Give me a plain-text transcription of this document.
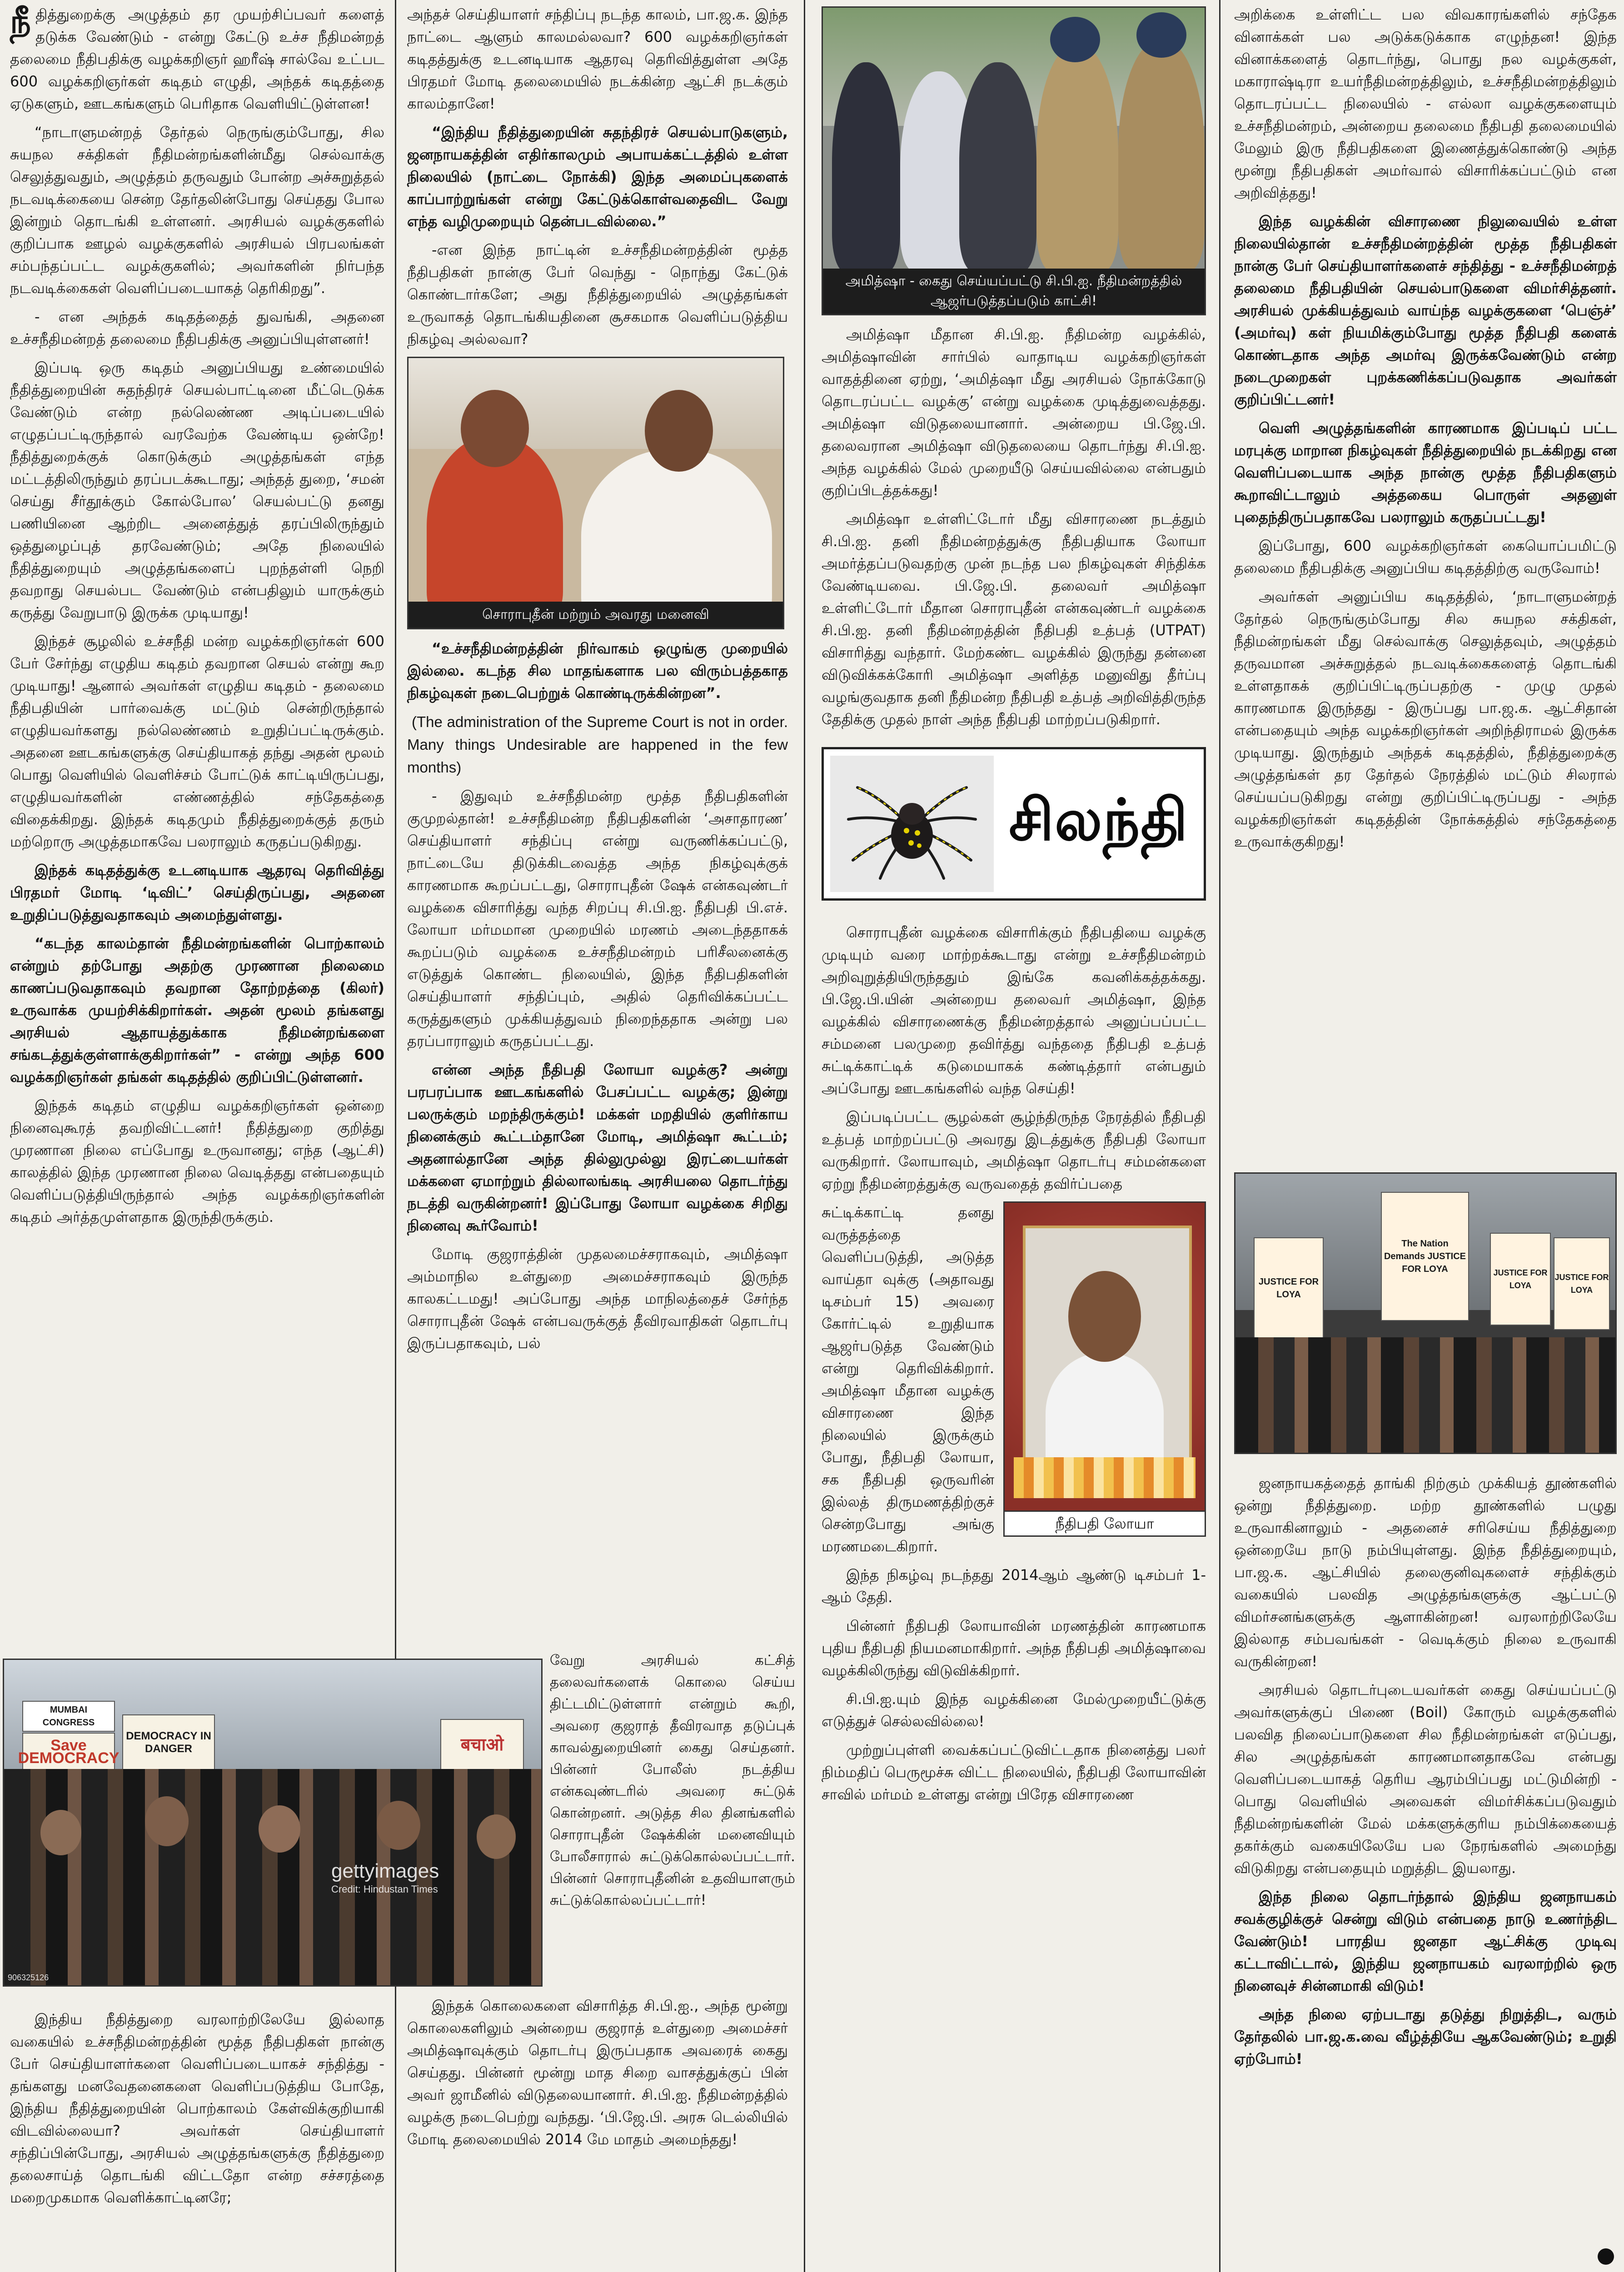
நீதித்துறைக்கு அழுத்தம் தர முயற்சிப்பவர் களைத் தடுக்க வேண்டும் - என்று கேட்டு உச்ச நீதிமன்றத் தலைமை நீதிபதிக்கு வழக்கறிஞர் ஹரீஷ் சால்வே உட்பட 600 வழக்கறிஞர்கள் கடிதம் எழுதி, அந்தக் கடிதத்தை ஏடுகளும், ஊடகங்களும் பெரிதாக வெளியிட்டுள்ளன!

“நாடாளுமன்றத் தேர்தல் நெருங்கும்போது, சில சுயநல சக்திகள் நீதிமன்றங்களின்மீது செல்வாக்கு செலுத்துவதும், அழுத்தம் தருவதும் போன்ற அச்சுறுத்தல் நடவடிக்கையை சென்ற தேர்தலின்போது செய்தது போல இன்றும் தொடங்கி உள்ளனர். அரசியல் வழக்குகளில் குறிப்பாக ஊழல் வழக்குகளில் அரசியல் பிரபலங்கள் சம்பந்தப்பட்ட வழக்குகளில்; அவர்களின் நிர்பந்த நடவடிக்கைகள் வெளிப்படையாகத் தெரிகிறது”.

- என அந்தக் கடிதத்தைத் துவங்கி, அதனை உச்சநீதிமன்றத் தலைமை நீதிபதிக்கு அனுப்பியுள்ளனர்!

இப்படி ஒரு கடிதம் அனுப்பியது உண்மையில் நீதித்துறையின் சுதந்திரச் செயல்பாட்டினை மீட்டெடுக்க வேண்டும் என்ற நல்லெண்ண அடிப்படையில் எழுதப்பட்டிருந்தால் வரவேற்க வேண்டிய ஒன்றே! நீதித்துறைக்குக் கொடுக்கும் அழுத்தங்கள் எந்த மட்டத்திலிருந்தும் தரப்படக்கூடாது; அந்தத் துறை, ‘சமன் செய்து சீர்தூக்கும் கோல்போல’ செயல்பட்டு தனது பணியினை ஆற்றிட அனைத்துத் தரப்பிலிருந்தும் ஒத்துழைப்புத் தரவேண்டும்; அதே நிலையில் நீதித்துறையும் அழுத்தங்களைப் புறந்தள்ளி நெறி தவறாது செயல்பட வேண்டும் என்பதிலும் யாருக்கும் கருத்து வேறுபாடு இருக்க முடியாது!

இந்தச் சூழலில் உச்சநீதி மன்ற வழக்கறிஞர்கள் 600 பேர் சேர்ந்து எழுதிய கடிதம் தவறான செயல் என்று கூற முடியாது! ஆனால் அவர்கள் எழுதிய கடிதம் - தலைமை நீதிபதியின் பார்வைக்கு மட்டும் சென்றிருந்தால் எழுதியவர்களது நல்லெண்ணம் உறுதிப்பட்டிருக்கும். அதனை ஊடகங்களுக்கு செய்தியாகத் தந்து அதன் மூலம் பொது வெளியில் வெளிச்சம் போட்டுக் காட்டியிருப்பது, எழுதியவர்களின் எண்ணத்தில் சந்தேகத்தை விதைக்கிறது. இந்தக் கடிதமும் நீதித்துறைக்குத் தரும் மற்றொரு அழுத்தமாகவே பலராலும் கருதப்படுகிறது.

இந்தக் கடிதத்துக்கு உடனடியாக ஆதரவு தெரிவித்து பிரதமர் மோடி ‘டிவிட்’ செய்திருப்பது, அதனை உறுதிப்படுத்துவதாகவும் அமைந்துள்ளது.

“கடந்த காலம்தான் நீதிமன்றங்களின் பொற்காலம் என்றும் தற்போது அதற்கு முரணான நிலைமை காணப்படுவதாகவும் தவறான தோற்றத்தை (கிலர்) உருவாக்க முயற்சிக்கிறார்கள். அதன் மூலம் தங்களது அரசியல் ஆதாயத்துக்காக நீதிமன்றங்களை சங்கடத்துக்குள்ளாக்குகிறார்கள்” - என்று அந்த 600 வழக்கறிஞர்கள் தங்கள் கடிதத்தில் குறிப்பிட்டுள்ளனர்.

இந்தக் கடிதம் எழுதிய வழக்கறிஞர்கள் ஒன்றை நினைவுகூரத் தவறிவிட்டனர்! நீதித்துறை குறித்து முரணான நிலை எப்போது உருவானது; எந்த (ஆட்சி) காலத்தில் இந்த முரணான நிலை வெடித்தது என்பதையும் வெளிப்படுத்தியிருந்தால் அந்த வழக்கறிஞர்களின் கடிதம் அர்த்தமுள்ளதாக இருந்திருக்கும்.

MUMBAI CONGRESS
Save DEMOCRACY
DEMOCRACY IN DANGER	बचाओ
gettyimages
Credit: Hindustan Times
906325126

இந்திய நீதித்துறை வரலாற்றிலேயே இல்லாத வகையில் உச்சநீதிமன்றத்தின் மூத்த நீதிபதிகள் நான்கு பேர் செய்தியாளர்களை வெளிப்படையாகச் சந்தித்து - தங்களது மனவேதனைகளை வெளிப்படுத்திய போதே, இந்திய நீதித்துறையின் பொற்காலம் கேள்விக்குறியாகி விடவில்லையா? அவர்கள் செய்தியாளர் சந்திப்பின்போது, அரசியல் அழுத்தங்களுக்கு நீதித்துறை தலைசாய்த் தொடங்கி விட்டதோ என்ற சச்சரத்தை மறைமுகமாக வெளிக்காட்டினரே;

அந்தச் செய்தியாளர் சந்திப்பு நடந்த காலம், பா.ஜ.க. இந்த நாட்டை ஆளும் காலமல்லவா? 600 வழக்கறிஞர்கள் கடிதத்துக்கு உடனடியாக ஆதரவு தெரிவித்துள்ள அதே பிரதமர் மோடி தலைமையில் நடக்கின்ற ஆட்சி நடக்கும் காலம்தானே!

“இந்திய நீதித்துறையின் சுதந்திரச் செயல்பாடுகளும், ஜனநாயகத்தின் எதிர்காலமும் அபாயக்கட்டத்தில் உள்ள நிலையில் (நாட்டை நோக்கி) இந்த அமைப்புகளைக் காப்பாற்றுங்கள் என்று கேட்டுக்கொள்வதைவிட வேறு எந்த வழிமுறையும் தென்படவில்லை.”

-என இந்த நாட்டின் உச்சநீதிமன்றத்தின் மூத்த நீதிபதிகள் நான்கு பேர் வெந்து - நொந்து கேட்டுக் கொண்டார்களே; அது நீதித்துறையில் அழுத்தங்கள் உருவாகத் தொடங்கியதினை சூசகமாக வெளிப்படுத்திய நிகழ்வு அல்லவா?

சொராபுதீன் மற்றும் அவரது மனைவி

“உச்சநீதிமன்றத்தின் நிர்வாகம் ஒழுங்கு முறையில் இல்லை. கடந்த சில மாதங்களாக பல விரும்பத்தகாத நிகழ்வுகள் நடைபெற்றுக் கொண்டிருக்கின்றன”.

(The administration of the Supreme Court is not in order. Many things Undesirable are happened in the few months)

- இதுவும் உச்சநீதிமன்ற மூத்த நீதிபதிகளின் குமுறல்தான்! உச்சநீதிமன்ற நீதிபதிகளின் ‘அசாதாரண’ செய்தியாளர் சந்திப்பு என்று வருணிக்கப்பட்டு, நாட்டையே திடுக்கிடவைத்த அந்த நிகழ்வுக்குக் காரணமாக கூறப்பட்டது, சொராபுதீன் ஷேக் என்கவுண்டர் வழக்கை விசாரித்து வந்த சிறப்பு சி.பி.ஐ. நீதிபதி பி.எச். லோயா மர்மமான முறையில் மரணம் அடைந்ததாகக் கூறப்படும் வழக்கை உச்சநீதிமன்றம் பரிசீலனைக்கு எடுத்துக் கொண்ட நிலையில், இந்த நீதிபதிகளின் செய்தியாளர் சந்திப்பும், அதில் தெரிவிக்கப்பட்ட கருத்துகளும் முக்கியத்துவம் நிறைந்ததாக அன்று பல தரப்பாராலும் கருதப்பட்டது.

என்ன அந்த நீதிபதி லோயா வழக்கு? அன்று பரபரப்பாக ஊடகங்களில் பேசப்பட்ட வழக்கு; இன்று பலருக்கும் மறந்திருக்கும்! மக்கள் மறதியில் குளிர்காய நினைக்கும் கூட்டம்தானே மோடி, அமித்ஷா கூட்டம்; அதனால்தானே அந்த தில்லுமுல்லு இரட்டையர்கள் மக்களை ஏமாற்றும் தில்லாலங்கடி அரசியலை தொடர்ந்து நடத்தி வருகின்றனர்! இப்போது லோயா வழக்கை சிறிது நினைவு கூர்வோம்!

மோடி குஜராத்தின் முதலமைச்சராகவும், அமித்ஷா அம்மாநில உள்துறை அமைச்சராகவும் இருந்த காலகட்டமது! அப்போது அந்த மாநிலத்தைச் சேர்ந்த சொராபுதீன் ஷேக் என்பவருக்குத் தீவிரவாதிகள் தொடர்பு இருப்பதாகவும், பல்

வேறு அரசியல் கட்சித் தலைவர்களைக் கொலை செய்ய திட்டமிட்டுள்ளார் என்றும் கூறி, அவரை குஜராத் தீவிரவாத தடுப்புக் காவல்துறையினர் கைது செய்தனர். பின்னர் போலீஸ் நடத்திய என்கவுண்டரில் அவரை சுட்டுக் கொன்றனர். அடுத்த சில தினங்களில் சொராபுதீன் ஷேக்கின் மனைவியும் போலீசாரால் சுட்டுக்கொல்லப்பட்டார். பின்னர் சொராபுதீனின் உதவியாளரும் சுட்டுக்கொல்லப்பட்டார்!

இந்தக் கொலைகளை விசாரித்த சி.பி.ஐ., அந்த மூன்று கொலைகளிலும் அன்றைய குஜராத் உள்துறை அமைச்சர் அமித்ஷாவுக்கும் தொடர்பு இருப்பதாக அவரைக் கைது செய்தது. பின்னர் மூன்று மாத சிறை வாசத்துக்குப் பின் அவர் ஜாமீனில் விடுதலையானார். சி.பி.ஐ. நீதிமன்றத்தில் வழக்கு நடைபெற்று வந்தது. ‘பி.ஜே.பி. அரசு டெல்லியில் மோடி தலைமையில் 2014 மே மாதம் அமைந்தது!

அமித்ஷா - கைது செய்யப்பட்டு சி.பி.ஐ. நீதிமன்றத்தில் ஆஜர்படுத்தப்படும் காட்சி!

அமித்ஷா மீதான சி.பி.ஐ. நீதிமன்ற வழக்கில், அமித்ஷாவின் சார்பில் வாதாடிய வழக்கறிஞர்கள் வாதத்தினை ஏற்று, ‘அமித்ஷா மீது அரசியல் நோக்கோடு தொடரப்பட்ட வழக்கு’ என்று வழக்கை முடித்துவைத்தது. அமித்ஷா விடுதலையானார். அன்றைய பி.ஜே.பி. தலைவரான அமித்ஷா விடுதலையை தொடர்ந்து சி.பி.ஐ. அந்த வழக்கில் மேல் முறையீடு செய்யவில்லை என்பதும் குறிப்பிடத்தக்கது!

அமித்ஷா உள்ளிட்டோர் மீது விசாரணை நடத்தும் சி.பி.ஐ. தனி நீதிமன்றத்துக்கு நீதிபதியாக லோயா அமர்த்தப்படுவதற்கு முன் நடந்த பல நிகழ்வுகள் சிந்திக்க வேண்டியவை. பி.ஜே.பி. தலைவர் அமித்ஷா உள்ளிட்டோர் மீதான சொராபுதீன் என்கவுண்டர் வழக்கை சி.பி.ஐ. தனி நீதிமன்றத்தின் நீதிபதி உத்பத் (UTPAT) விசாரித்து வந்தார். மேற்கண்ட வழக்கில் இருந்து தன்னை விடுவிக்கக்கோரி அமித்ஷா அளித்த மனுவிது தீர்ப்பு வழங்குவதாக தனி நீதிமன்ற நீதிபதி உத்பத் அறிவித்திருந்த தேதிக்கு முதல் நாள் அந்த நீதிபதி மாற்றப்படுகிறார்.

சிலந்தி

சொராபுதீன் வழக்கை விசாரிக்கும் நீதிபதியை வழக்கு முடியும் வரை மாற்றக்கூடாது என்று உச்சநீதிமன்றம் அறிவுறுத்தியிருந்ததும் இங்கே கவனிக்கத்தக்கது. பி.ஜே.பி.யின் அன்றைய தலைவர் அமித்ஷா, இந்த வழக்கில் விசாரணைக்கு நீதிமன்றத்தால் அனுப்பப்பட்ட சம்மனை பலமுறை தவிர்த்து வந்ததை நீதிபதி உத்பத் சுட்டிக்காட்டிக் கடுமையாகக் கண்டித்தார் என்பதும் அப்போது ஊடகங்களில் வந்த செய்தி!

இப்படிப்பட்ட சூழல்கள் சூழ்ந்திருந்த நேரத்தில் நீதிபதி உத்பத் மாற்றப்பட்டு அவரது இடத்துக்கு நீதிபதி லோயா வருகிறார். லோயாவும், அமித்ஷா தொடர்பு சம்மன்களை ஏற்று நீதிமன்றத்துக்கு வருவதைத் தவிர்ப்பதை

நீதிபதி லோயா

சுட்டிக்காட்டி தனது வருத்தத்தை வெளிப்படுத்தி, அடுத்த வாய்தா வுக்கு (அதாவது டிசம்பர் 15) அவரை கோர்ட்டில் உறுதியாக ஆஜர்படுத்த வேண்டும் என்று தெரிவிக்கிறார். அமித்ஷா மீதான வழக்கு விசாரணை இந்த நிலையில் இருக்கும் போது, நீதிபதி லோயா, சக நீதிபதி ஒருவரின் இல்லத் திருமணத்திற்குச் சென்றபோது அங்கு மரணமடைகிறார்.

இந்த நிகழ்வு நடந்தது 2014ஆம் ஆண்டு டிசம்பர் 1-ஆம் தேதி.

பின்னர் நீதிபதி லோயாவின் மரணத்தின் காரணமாக புதிய நீதிபதி நியமனமாகிறார். அந்த நீதிபதி அமித்ஷாவை வழக்கிலிருந்து விடுவிக்கிறார்.

சி.பி.ஐ.யும் இந்த வழக்கினை மேல்முறையீட்டுக்கு எடுத்துச் செல்லவில்லை!

முற்றுப்புள்ளி வைக்கப்பட்டுவிட்டதாக நினைத்து பலர் நிம்மதிப் பெருமூச்சு விட்ட நிலையில், நீதிபதி லோயாவின் சாவில் மர்மம் உள்ளது என்று பிரேத விசாரணை

அறிக்கை உள்ளிட்ட பல விவகாரங்களில் சந்தேக வினாக்கள் பல அடுக்கடுக்காக எழுந்தன! இந்த வினாக்களைத் தொடர்ந்து, பொது நல வழக்குகள், மகாராஷ்டிரா உயர்நீதிமன்றத்திலும், உச்சநீதிமன்றத்திலும் தொடரப்பட்ட நிலையில் - எல்லா வழக்குகளையும் உச்சநீதிமன்றம், அன்றைய தலைமை நீதிபதி தலைமையில் மேலும் இரு நீதிபதிகளை இணைத்துக்கொண்டு அந்த மூன்று நீதிபதிகள் அமர்வால் விசாரிக்கப்பட்டும் என அறிவித்தது!

இந்த வழக்கின் விசாரணை நிலுவையில் உள்ள நிலையில்தான் உச்சநீதிமன்றத்தின் மூத்த நீதிபதிகள் நான்கு பேர் செய்தியாளர்களைச் சந்தித்து - உச்சநீதிமன்றத் தலைமை நீதிபதியின் செயல்பாடுகளை விமர்சித்தனர். அரசியல் முக்கியத்துவம் வாய்ந்த வழக்குகளை ‘பெஞ்ச்’ (அமர்வு) கள் நியமிக்கும்போது மூத்த நீதிபதி களைக் கொண்டதாக அந்த அமர்வு இருக்கவேண்டும் என்ற நடைமுறைகள் புறக்கணிக்கப்படுவதாக அவர்கள் குறிப்பிட்டனர்!

வெளி அழுத்தங்களின் காரணமாக இப்படிப் பட்ட மரபுக்கு மாறான நிகழ்வுகள் நீதித்துறையில் நடக்கிறது என வெளிப்படையாக அந்த நான்கு மூத்த நீதிபதிகளும் கூறாவிட்டாலும் அத்தகைய பொருள் அதனுள் புதைந்திருப்பதாகவே பலராலும் கருதப்பட்டது!

இப்போது, 600 வழக்கறிஞர்கள் கையொப்பமிட்டு தலைமை நீதிபதிக்கு அனுப்பிய கடிதத்திற்கு வருவோம்!

அவர்கள் அனுப்பிய கடிதத்தில், ‘நாடாளுமன்றத் தேர்தல் நெருங்கும்போது சில சுயநல சக்திகள், நீதிமன்றங்கள் மீது செல்வாக்கு செலுத்தவும், அழுத்தம் தருவமான அச்சுறுத்தல் நடவடிக்கைகளைத் தொடங்கி உள்ளதாகக் குறிப்பிட்டிருப்பதற்கு - முழு முதல் காரணமாக இருந்தது - இருப்பது பா.ஜ.க. ஆட்சிதான் என்பதையும் அந்த வழக்கறிஞர்கள் அறிந்திராமல் இருக்க முடியாது. இருந்தும் அந்தக் கடிதத்தில், நீதித்துறைக்கு அழுத்தங்கள் தர தேர்தல் நேரத்தில் மட்டும் சிலரால் செய்யப்படுகிறது என்று குறிப்பிட்டிருப்பது - அந்த வழக்கறிஞர்கள் கடிதத்தின் நோக்கத்தில் சந்தேகத்தை உருவாக்குகிறது!

JUSTICE FOR LOYA
The Nation Demands JUSTICE FOR LOYA	JUSTICE FOR LOYA
JUSTICE FOR LOYA

ஜனநாயகத்தைத் தாங்கி நிற்கும் முக்கியத் தூண்களில் ஒன்று நீதித்துறை. மற்ற தூண்களில் பழுது உருவாகினாலும் - அதனைச் சரிசெய்ய நீதித்துறை ஒன்றையே நாடு நம்பியுள்ளது. இந்த நீதித்துறையும், பா.ஜ.க. ஆட்சியில் தலைகுனிவுகளைச் சந்திக்கும் வகையில் பலவித அழுத்தங்களுக்கு ஆட்பட்டு விமர்சனங்களுக்கு ஆளாகின்றன! வரலாற்றிலேயே இல்லாத சம்பவங்கள் - வெடிக்கும் நிலை உருவாகி வருகின்றன!

அரசியல் தொடர்புடையவர்கள் கைது செய்யப்பட்டு அவர்களுக்குப் பிணை (Boil) கோரும் வழக்குகளில் பலவித நிலைப்பாடுகளை சில நீதிமன்றங்கள் எடுப்பது, சில அழுத்தங்கள் காரணமானதாகவே என்பது வெளிப்படையாகத் தெரிய ஆரம்பிப்பது மட்டுமின்றி - பொது வெளியில் அவைகள் விமர்சிக்கப்படுவதும் நீதிமன்றங்களின் மேல் மக்களுக்குரிய நம்பிக்கையைத் தகர்க்கும் வகையிலேயே பல நேரங்களில் அமைந்து விடுகிறது என்பதையும் மறுத்திட இயலாது.

இந்த நிலை தொடர்ந்தால் இந்திய ஜனநாயகம் சவக்குழிக்குச் சென்று விடும் என்பதை நாடு உணர்ந்திட வேண்டும்! பாரதிய ஜனதா ஆட்சிக்கு முடிவு கட்டாவிட்டால், இந்திய ஜனநாயகம் வரலாற்றில் ஒரு நினைவுச் சின்னமாகி விடும்!

அந்த நிலை ஏற்படாது தடுத்து நிறுத்திட, வரும் தேர்தலில் பா.ஜ.க.வை வீழ்த்தியே ஆகவேண்டும்; உறுதி ஏற்போம்!
